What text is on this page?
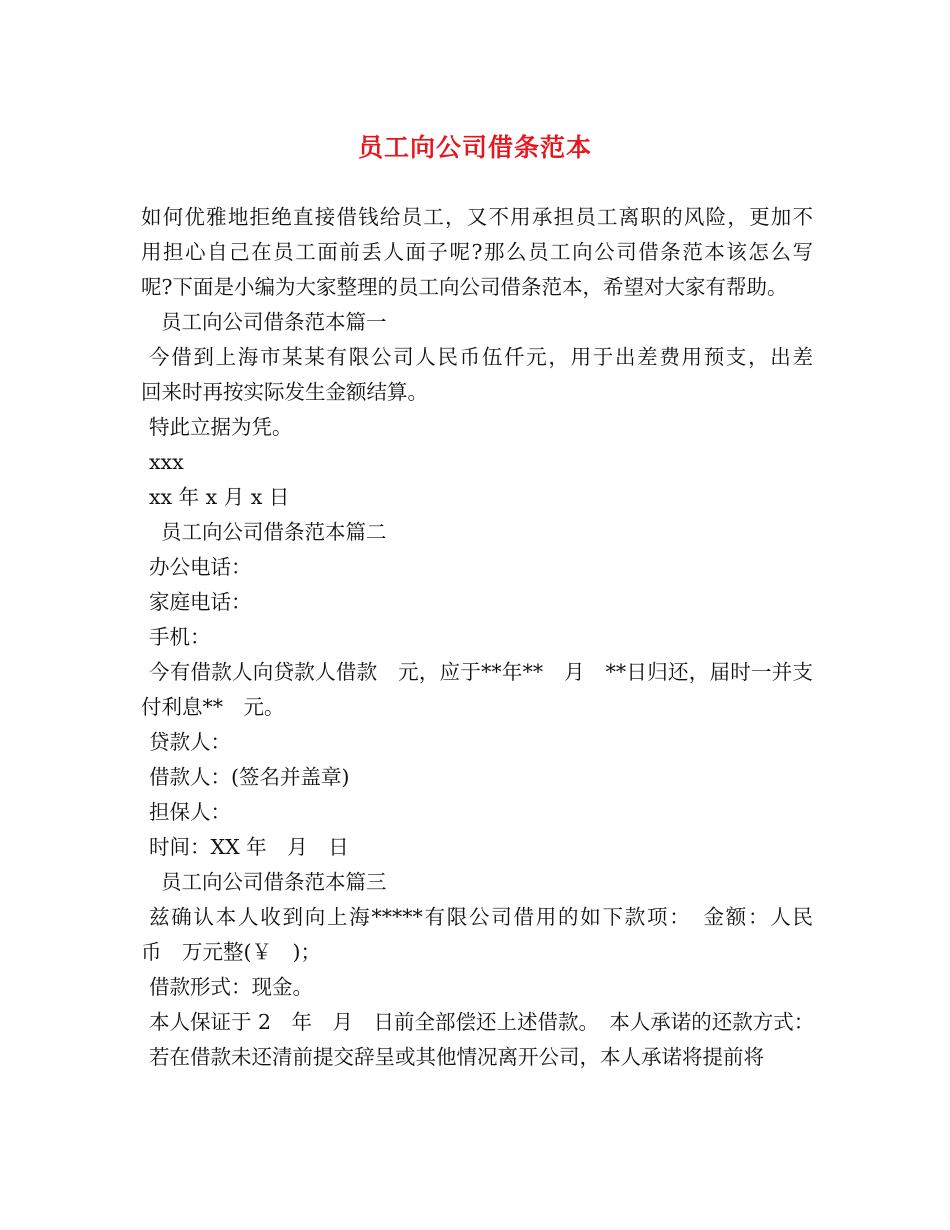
员工向公司借条范本
如何优雅地拒绝直接借钱给员工，又不用承担员工离职的风险，更加不
用担心自己在员工面前丢人面子呢?那么员工向公司借条范本该怎么写
呢?下面是小编为大家整理的员工向公司借条范本，希望对大家有帮助。
员工向公司借条范本篇一
今借到上海市某某有限公司人民币伍仟元，用于出差费用预支，出差
回来时再按实际发生金额结算。
特此立据为凭。
xxx
xx 年 x 月 x 日
员工向公司借条范本篇二
办公电话：
家庭电话：
手机：
今有借款人向贷款人借款　元，应于**年**　月　**日归还，届时一并支
付利息**　元。
贷款人：
借款人：(签名并盖章)
担保人：
时间：XX 年　月　日
员工向公司借条范本篇三
兹确认本人收到向上海*****有限公司借用的如下款项：　金额：人民
币　万元整(￥　)；
借款形式：现金。
本人保证于 2　年　月　日前全部偿还上述借款。　本人承诺的还款方式：
若在借款未还清前提交辞呈或其他情况离开公司，本人承诺将提前将
